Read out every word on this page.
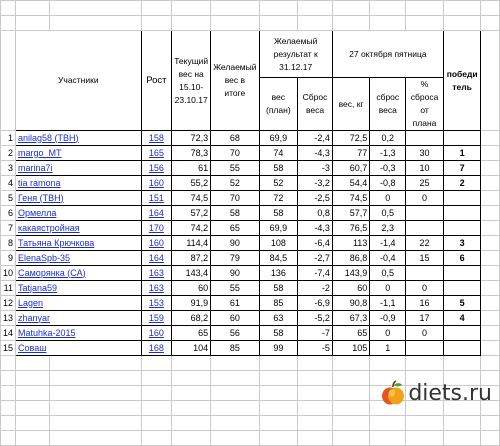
	Участники		Рост	Текущий вес на 15.10-23.10.17	Желаемый вес в итоге	Желаемый результат к 31.12.17		27 октября пятница			победи тель	
						вес (план)	Сброс веса	вес, кг	сброс веса	% сброса от плана		
1	anilag58 (ТВН)		158	72,3	68	69,9	-2,4	72,5	0,2			
2	margo_MT		165	78,3	70	74	-4,3	77	-1,3	30	1	
3	marina7i		156	61	55	58	-3	60,7	-0,3	10	7	
4	tia ramona		160	55,2	52	52	-3,2	54,4	-0,8	25	2	
5	Геня (ТВН)		151	74,5	70	72	-2,5	74,5	0	0		
6	Ормелла		164	57,2	58	58	0,8	57,7	0,5			
7	какаястройная		170	74,2	65	69,9	-4,3	76,5	2,3			
8	Татьяна Крючкова		160	114,4	90	108	-6,4	113	-1,4	22	3	
9	ElenaSpb-35		164	87,2	79	84,5	-2,7	86,8	-0,4	15	6	
10	Самоpянка (СА)		163	143,4	90	136	-7,4	143,9	0,5			
11	Tatjana59		163	60	55	58	-2	60	0	0		
12	Lagen		153	91,9	61	85	-6,9	90,8	-1,1	16	5	
13	zhanyar		159	68,2	60	63	-5,2	67,3	-0,9	17	4	
14	Matuhka-2015		160	65	56	58	-7	65	0	0		
15	Соваш		168	104	85	99	-5	105	1			

diets.ru
